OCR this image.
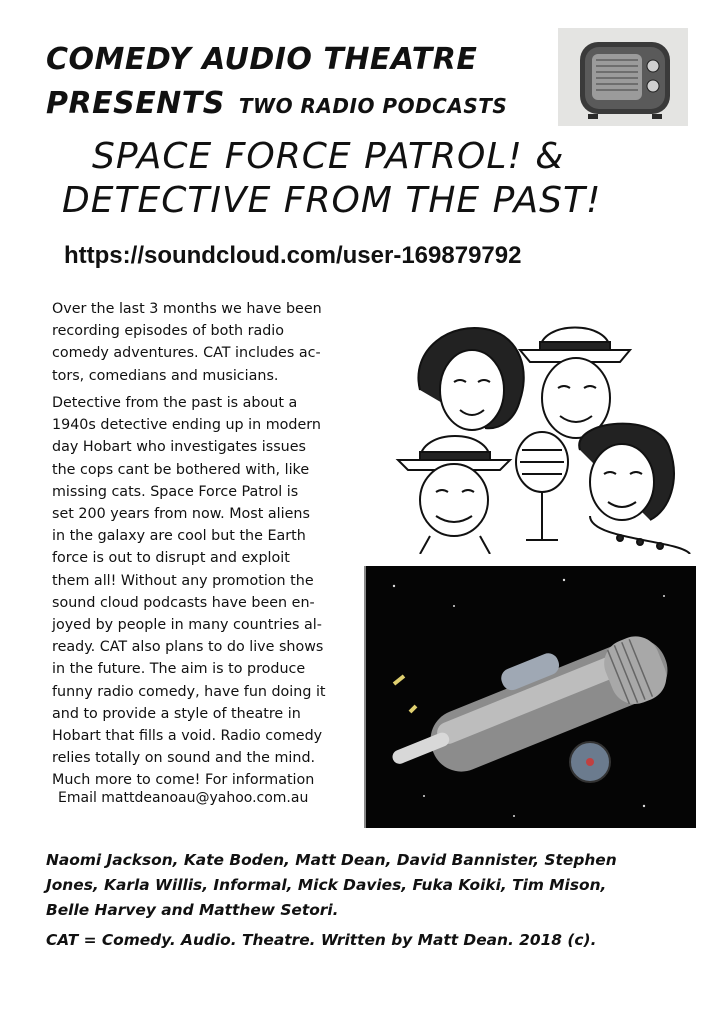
COMEDY AUDIO THEATRE
PRESENTS TWO RADIO PODCASTS
SPACE FORCE PATROL! &
DETECTIVE FROM THE PAST!
https://soundcloud.com/user-169879792
Over the last 3 months we have been
recording episodes of both radio
comedy adventures. CAT includes ac-
tors, comedians and musicians.
Detective from the past is about a
1940s detective ending up in modern
day Hobart who investigates issues
the cops cant be bothered with, like
missing cats. Space Force Patrol is
set 200 years from now. Most aliens
in the galaxy are cool but the Earth
force is out to disrupt and exploit
them all! Without any promotion the
sound cloud podcasts have been en-
joyed by people in many countries al-
ready. CAT also plans to do live shows
in the future. The aim is to produce
funny radio comedy, have fun doing it
and to provide a style of theatre in
Hobart that fills a void. Radio comedy
relies totally on sound and the mind.
Much more to come! For information
Email mattdeanoau@yahoo.com.au
Naomi Jackson, Kate Boden, Matt Dean, David Bannister, Stephen
Jones, Karla Willis, Informal, Mick Davies, Fuka Koiki, Tim Mison,
Belle Harvey and Matthew Setori.
CAT = Comedy. Audio. Theatre. Written by Matt Dean. 2018 (c).
